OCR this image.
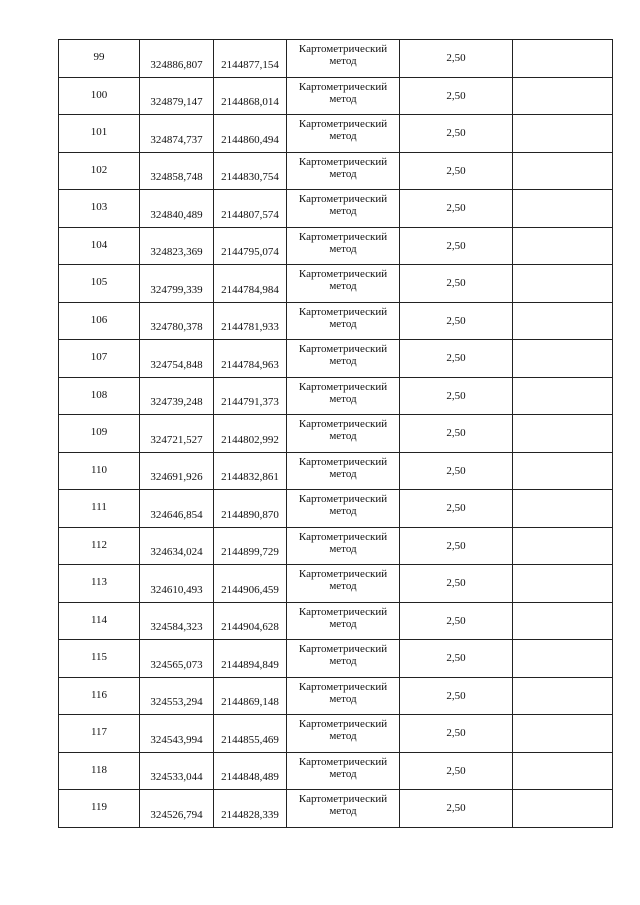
99	324886,807	2144877,154	Картометрический метод	2,50	
100	324879,147	2144868,014	Картометрический метод	2,50	
101	324874,737	2144860,494	Картометрический метод	2,50	
102	324858,748	2144830,754	Картометрический метод	2,50	
103	324840,489	2144807,574	Картометрический метод	2,50	
104	324823,369	2144795,074	Картометрический метод	2,50	
105	324799,339	2144784,984	Картометрический метод	2,50	
106	324780,378	2144781,933	Картометрический метод	2,50	
107	324754,848	2144784,963	Картометрический метод	2,50	
108	324739,248	2144791,373	Картометрический метод	2,50	
109	324721,527	2144802,992	Картометрический метод	2,50	
110	324691,926	2144832,861	Картометрический метод	2,50	
111	324646,854	2144890,870	Картометрический метод	2,50	
112	324634,024	2144899,729	Картометрический метод	2,50	
113	324610,493	2144906,459	Картометрический метод	2,50	
114	324584,323	2144904,628	Картометрический метод	2,50	
115	324565,073	2144894,849	Картометрический метод	2,50	
116	324553,294	2144869,148	Картометрический метод	2,50	
117	324543,994	2144855,469	Картометрический метод	2,50	
118	324533,044	2144848,489	Картометрический метод	2,50	
119	324526,794	2144828,339	Картометрический метод	2,50	
